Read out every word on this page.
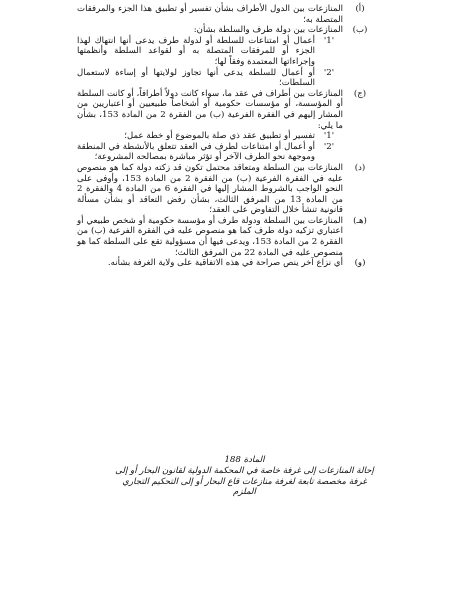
(أ)
المنازعات بين الدول الأطراف بشأن تفسير أو تطبيق هذا الجزء والمرفقات المتصلة به؛
(ب)

المنازعات بين دولة طرف والسلطة بشأن:

'1'
أعمال أو امتناعات للسلطة أو لدولة طرف يدعى أنها انتهاك لهذا الجزء أو للمرفقات المتصلة به أو لقواعد السلطة وأنظمتها وإجراءاتها المعتمدة وفقاً لها؛
'2'
أو أعمال للسلطة يدعى أنها تجاوز لولايتها أو إساءة لاستعمال السلطات؛
(ج)

المنازعات بين أطراف في عقد ما، سواء كانت دولاً أطرافاً، أو كانت السلطة أو المؤسسة، أو مؤسسات حكومية أو أشخاصاً طبيعيين أو اعتباريين من المشار إليهم في الفقرة الفرعية (ب) من الفقرة 2 من المادة 153، بشأن ما يلي:

'1'
تفسير أو تطبيق عقد ذي صلة بالموضوع أو خطة عمل؛
'2'
أو أعمال أو امتناعات لطرف في العقد تتعلق بالأنشطة في المنطقة وموجهة نحو الطرف الآخر أو تؤثر مباشرة بمصالحه المشروعة؛
(د)
المنازعات بين السلطة ومتعاقد محتمل تكون قد زكته دولة كما هو منصوص عليه في الفقرة الفرعية (ب) من الفقرة 2 من المادة 153، وأوفى على النحو الواجب بالشروط المشار إليها في الفقرة 6 من المادة 4 والفقرة 2 من المادة 13 من المرفق الثالث، بشأن رفض التعاقد أو بشأن مسألة قانونية تنشأ خلال التفاوض على العقد؛
(هـ)
المنازعات بين السلطة ودولة طرف أو مؤسسة حكومية أو شخص طبيعي أو اعتباري تزكيه دولة طرف كما هو منصوص عليه في الفقرة الفرعية (ب) من الفقرة 2 من المادة 153، ويدعى فيها أن مسؤولية تقع على السلطة كما هو منصوص عليه في المادة 22 من المرفق الثالث؛
(و)
أي نزاع آخر ينص صراحة في هذه الاتفاقية على ولاية الغرفة بشأنه.
المادة 188
إحالة المنازعات إلى غرفة خاصة في المحكمة الدولية لقانون البحار أو إلى غرفة مخصصة تابعة لغرفة منازعات قاع البحار أو إلى التحكيم التجاري الملزم
